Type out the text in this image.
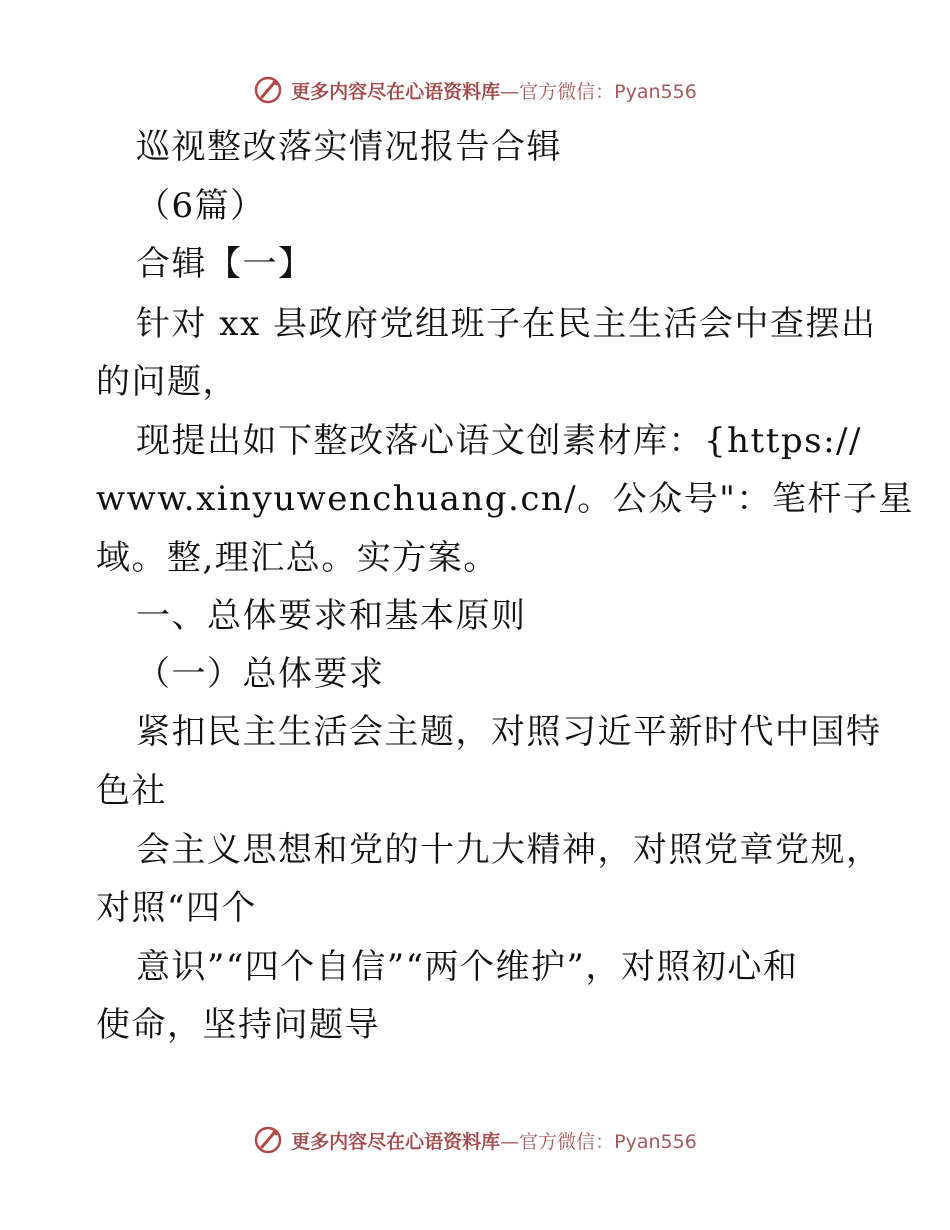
更多内容尽在心语资料库—官方微信：Pyan556
巡视整改落实情况报告合辑
（6篇）
合辑【一】
针对 xx 县政府党组班子在民主生活会中查摆出
的问题，
现提出如下整改落心语文创素材库：{https://
www.xinyuwenchuang.cn/。公众号"：笔杆子星
域。整,理汇总。实方案。
一、总体要求和基本原则
（一）总体要求
紧扣民主生活会主题，对照习近平新时代中国特
色社
会主义思想和党的十九大精神，对照党章党规，
对照“四个
意识”“四个自信”“两个维护”，对照初心和
使命，坚持问题导
更多内容尽在心语资料库—官方微信：Pyan556
